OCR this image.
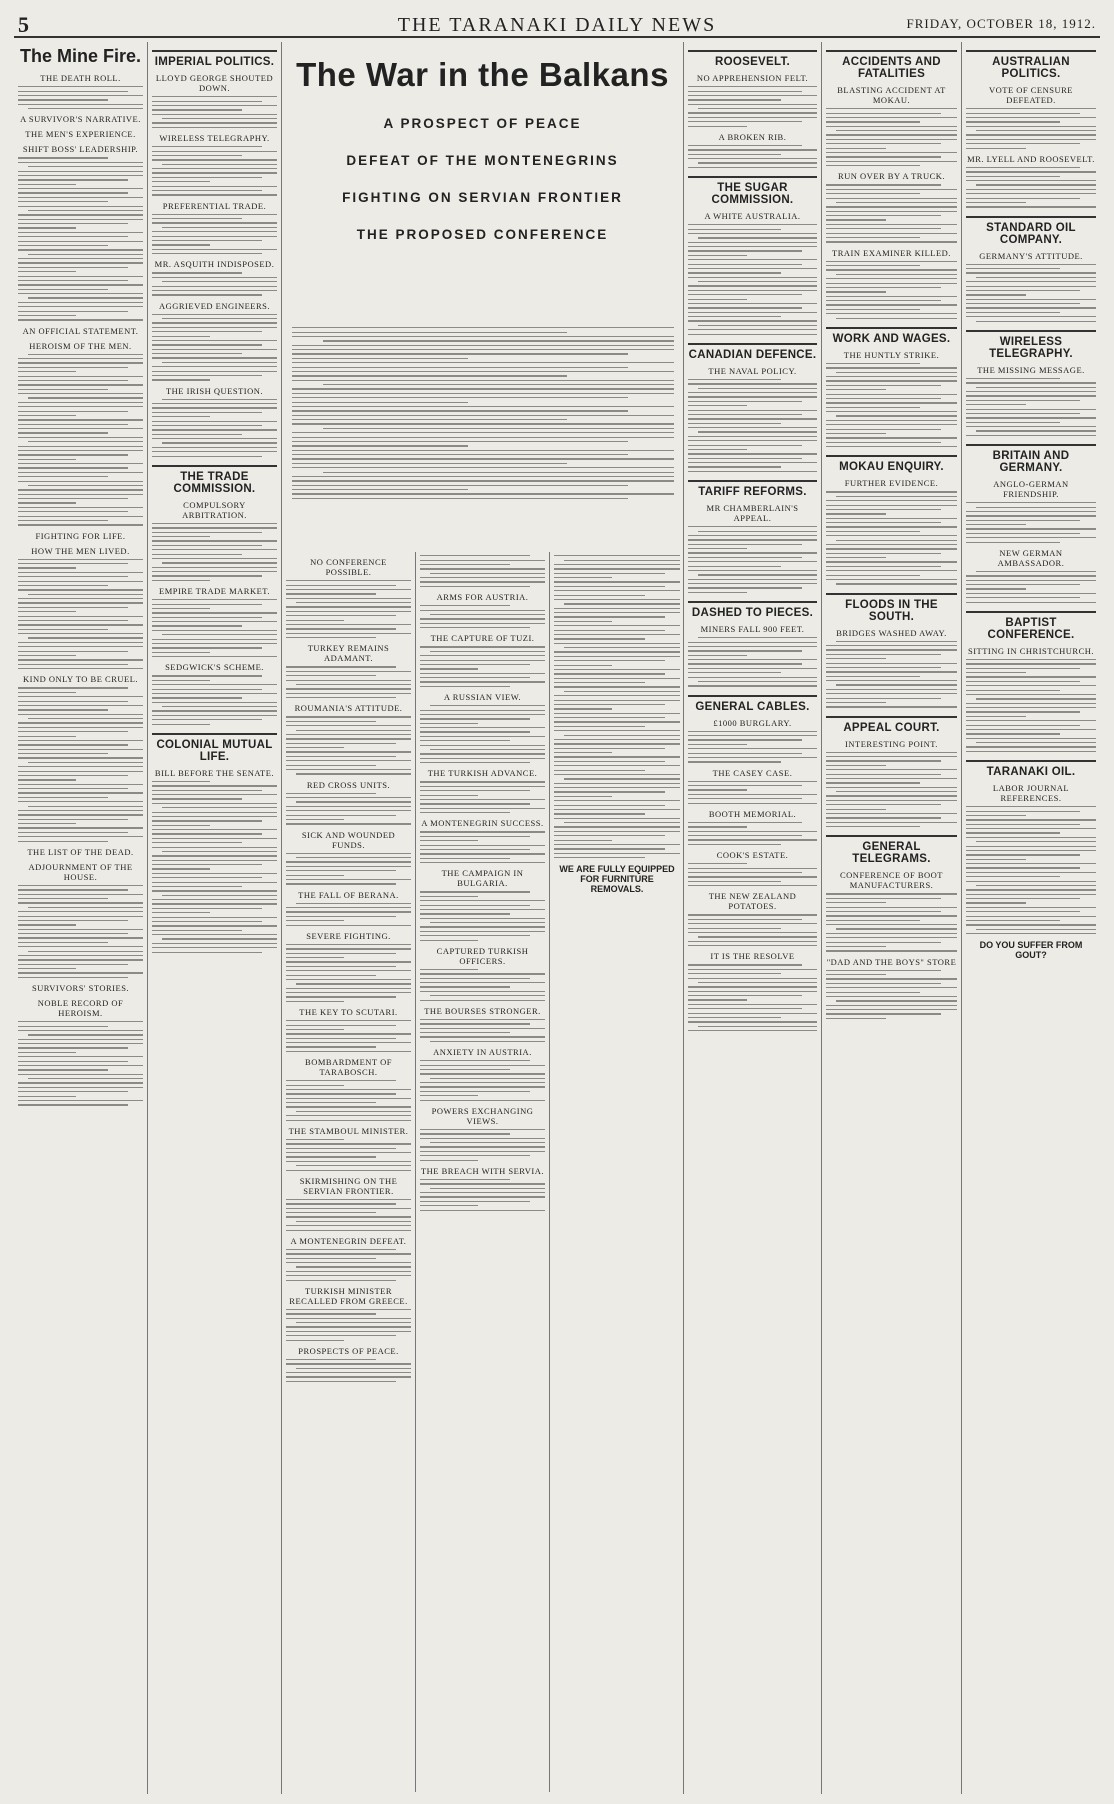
5	THE TARANAKI DAILY NEWS	FRIDAY, OCTOBER 18, 1912.
The Mine Fire.
THE DEATH ROLL.
A SURVIVOR'S NARRATIVE.
THE MEN'S EXPERIENCE.
SHIFT BOSS' LEADERSHIP.
AN OFFICIAL STATEMENT.
HEROISM OF THE MEN.
FIGHTING FOR LIFE.
HOW THE MEN LIVED.
KIND ONLY TO BE CRUEL.
THE LIST OF THE DEAD.
ADJOURNMENT OF THE HOUSE.
SURVIVORS' STORIES.
NOBLE RECORD OF HEROISM.
IMPERIAL POLITICS.
LLOYD GEORGE SHOUTED DOWN.
WIRELESS TELEGRAPHY.
PREFERENTIAL TRADE.
MR. ASQUITH INDISPOSED.
AGGRIEVED ENGINEERS.
THE IRISH QUESTION.
THE TRADE COMMISSION.
COMPULSORY ARBITRATION.
EMPIRE TRADE MARKET.
SEDGWICK'S SCHEME.
COLONIAL MUTUAL LIFE.
BILL BEFORE THE SENATE.
The War in the Balkans
A PROSPECT OF PEACE
DEFEAT OF THE MONTENEGRINS
FIGHTING ON SERVIAN FRONTIER
THE PROPOSED CONFERENCE
NO CONFERENCE POSSIBLE.
TURKEY REMAINS ADAMANT.
ROUMANIA'S ATTITUDE.
RED CROSS UNITS.
SICK AND WOUNDED FUNDS.
THE FALL OF BERANA.
SEVERE FIGHTING.
THE KEY TO SCUTARI.
BOMBARDMENT OF TARABOSCH.
THE STAMBOUL MINISTER.
SKIRMISHING ON THE SERVIAN FRONTIER.
A MONTENEGRIN DEFEAT.
TURKISH MINISTER RECALLED FROM GREECE.
PROSPECTS OF PEACE.
ARMS FOR AUSTRIA.
THE CAPTURE OF TUZI.
A RUSSIAN VIEW.
THE TURKISH ADVANCE.
A MONTENEGRIN SUCCESS.
THE CAMPAIGN IN BULGARIA.
CAPTURED TURKISH OFFICERS.
THE BOURSES STRONGER.
ANXIETY IN AUSTRIA.
POWERS EXCHANGING VIEWS.
THE BREACH WITH SERVIA.
WE ARE FULLY EQUIPPED FOR FURNITURE REMOVALS.
ROOSEVELT.
NO APPREHENSION FELT.
A BROKEN RIB.
THE SUGAR COMMISSION.
A WHITE AUSTRALIA.
CANADIAN DEFENCE.
THE NAVAL POLICY.
TARIFF REFORMS.
MR CHAMBERLAIN'S APPEAL.
DASHED TO PIECES.
MINERS FALL 900 FEET.
GENERAL CABLES.
£1000 BURGLARY.
THE CASEY CASE.
BOOTH MEMORIAL.
COOK'S ESTATE.
THE NEW ZEALAND POTATOES.
IT IS THE RESOLVE
ACCIDENTS AND FATALITIES
BLASTING ACCIDENT AT MOKAU.
RUN OVER BY A TRUCK.
TRAIN EXAMINER KILLED.
WORK AND WAGES.
THE HUNTLY STRIKE.
MOKAU ENQUIRY.
FURTHER EVIDENCE.
FLOODS IN THE SOUTH.
BRIDGES WASHED AWAY.
APPEAL COURT.
INTERESTING POINT.
GENERAL TELEGRAMS.
CONFERENCE OF BOOT MANUFACTURERS.
"DAD AND THE BOYS" STORE
AUSTRALIAN POLITICS.
VOTE OF CENSURE DEFEATED.
MR. LYELL AND ROOSEVELT.
STANDARD OIL COMPANY.
GERMANY'S ATTITUDE.
WIRELESS TELEGRAPHY.
THE MISSING MESSAGE.
BRITAIN AND GERMANY.
ANGLO-GERMAN FRIENDSHIP.
NEW GERMAN AMBASSADOR.
BAPTIST CONFERENCE.
SITTING IN CHRISTCHURCH.
TARANAKI OIL.
LABOR JOURNAL REFERENCES.
DO YOU SUFFER FROM GOUT?
